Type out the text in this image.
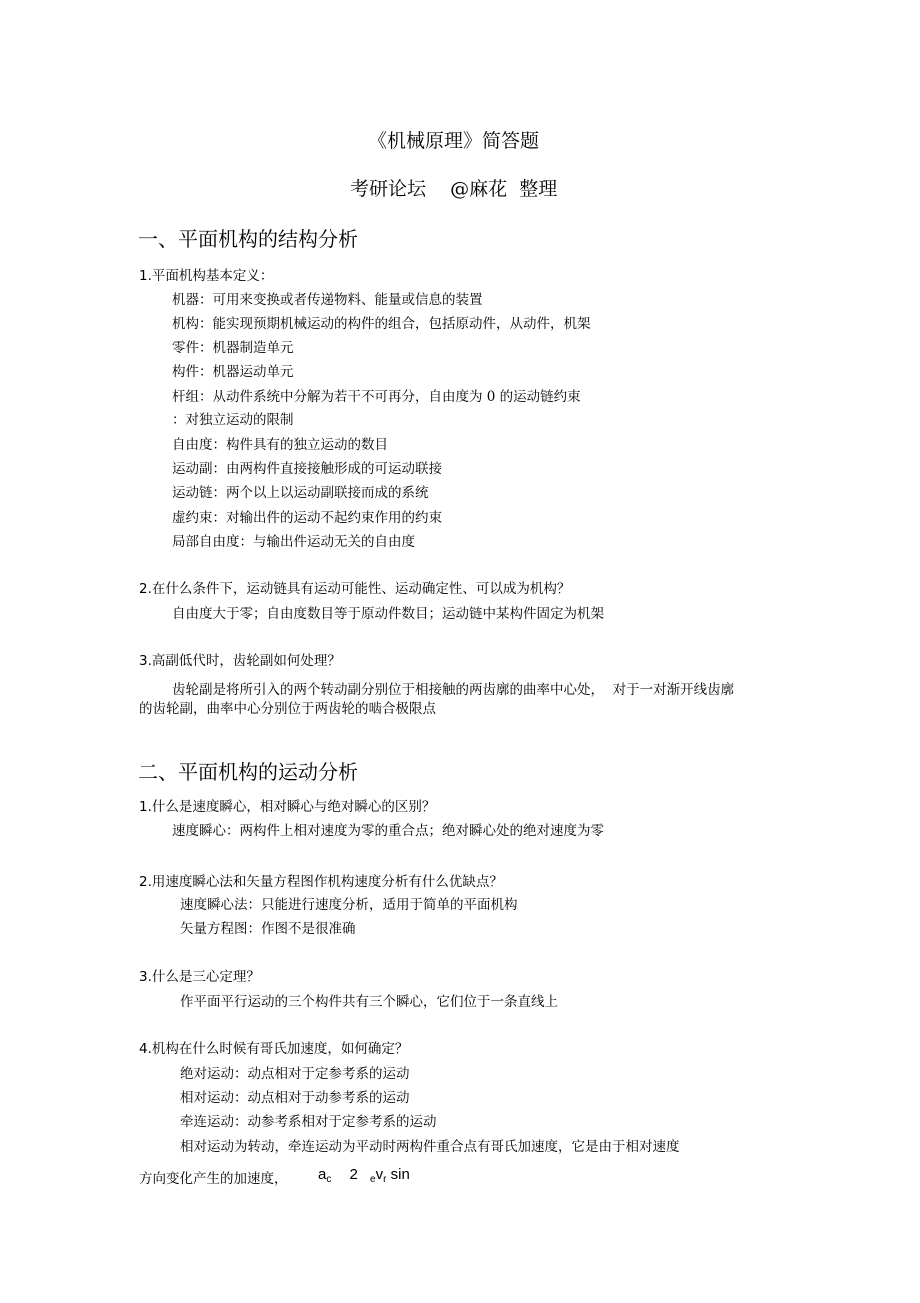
《机械原理》简答题
考研论坛    @麻花  整理
一、平面机构的结构分析
1.平面机构基本定义：
机器：可用来变换或者传递物料、能量或信息的装置
机构：能实现预期机械运动的构件的组合，包括原动件，从动件，机架
零件：机器制造单元
构件：机器运动单元
杆组：从动件系统中分解为若干不可再分，自由度为 0 的运动链约束
：对独立运动的限制
自由度：构件具有的独立运动的数目
运动副：由两构件直接接触形成的可运动联接
运动链：两个以上以运动副联接而成的系统
虚约束：对输出件的运动不起约束作用的约束
局部自由度：与输出件运动无关的自由度
2.在什么条件下，运动链具有运动可能性、运动确定性、可以成为机构？
自由度大于零；自由度数目等于原动件数目；运动链中某构件固定为机架
3.高副低代时，齿轮副如何处理？
齿轮副是将所引入的两个转动副分别位于相接触的两齿廓的曲率中心处，  对于一对渐开线齿廓
的齿轮副，曲率中心分别位于两齿轮的啮合极限点
二、平面机构的运动分析
1.什么是速度瞬心，相对瞬心与绝对瞬心的区别？
速度瞬心：两构件上相对速度为零的重合点；绝对瞬心处的绝对速度为零
2.用速度瞬心法和矢量方程图作机构速度分析有什么优缺点？
速度瞬心法：只能进行速度分析，适用于简单的平面机构
矢量方程图：作图不是很准确
3.什么是三心定理？
作平面平行运动的三个构件共有三个瞬心，它们位于一条直线上
4.机构在什么时候有哥氏加速度，如何确定？
绝对运动：动点相对于定参考系的运动
相对运动：动点相对于动参考系的运动
牵连运动：动参考系相对于定参考系的运动
相对运动为转动，牵连运动为平动时两构件重合点有哥氏加速度，它是由于相对速度
方向变化产生的加速度， $a_c$ 2 $_ev_r$ sin
